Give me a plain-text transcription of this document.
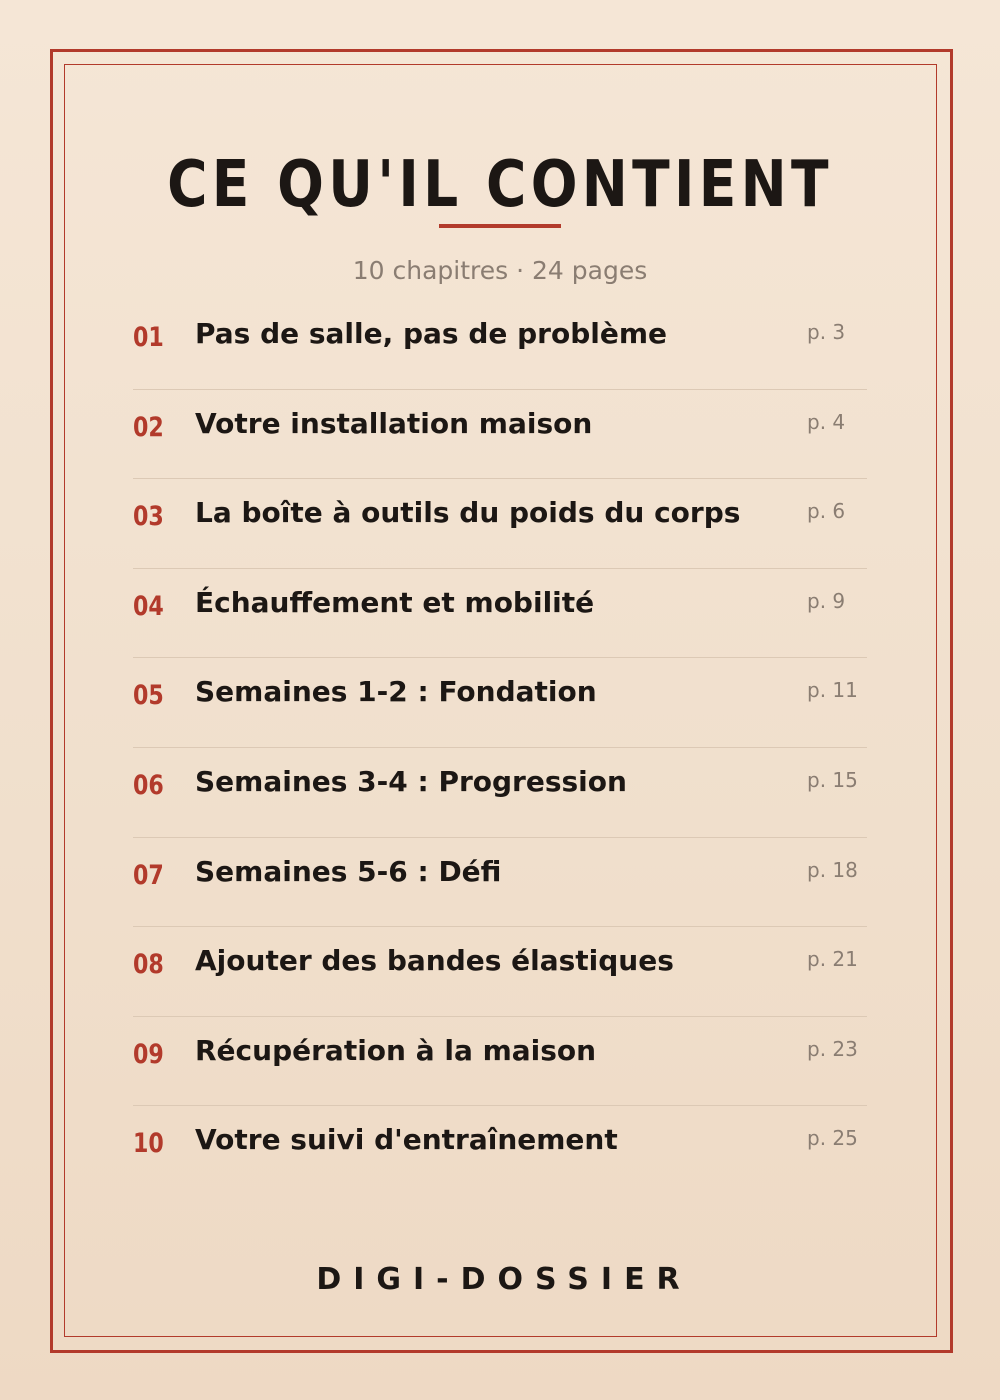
CE QU'IL CONTIENT
10 chapitres · 24 pages
01 Pas de salle, pas de problème	p. 3
02 Votre installation maison	p. 4
03 La boîte à outils du poids du corps	p. 6
04 Échauffement et mobilité	p. 9
05 Semaines 1-2 : Fondation	p. 11
06 Semaines 3-4 : Progression	p. 15
07 Semaines 5-6 : Défi	p. 18
08 Ajouter des bandes élastiques	p. 21
09 Récupération à la maison	p. 23
10 Votre suivi d'entraînement	p. 25
DIGI-DOSSIER
